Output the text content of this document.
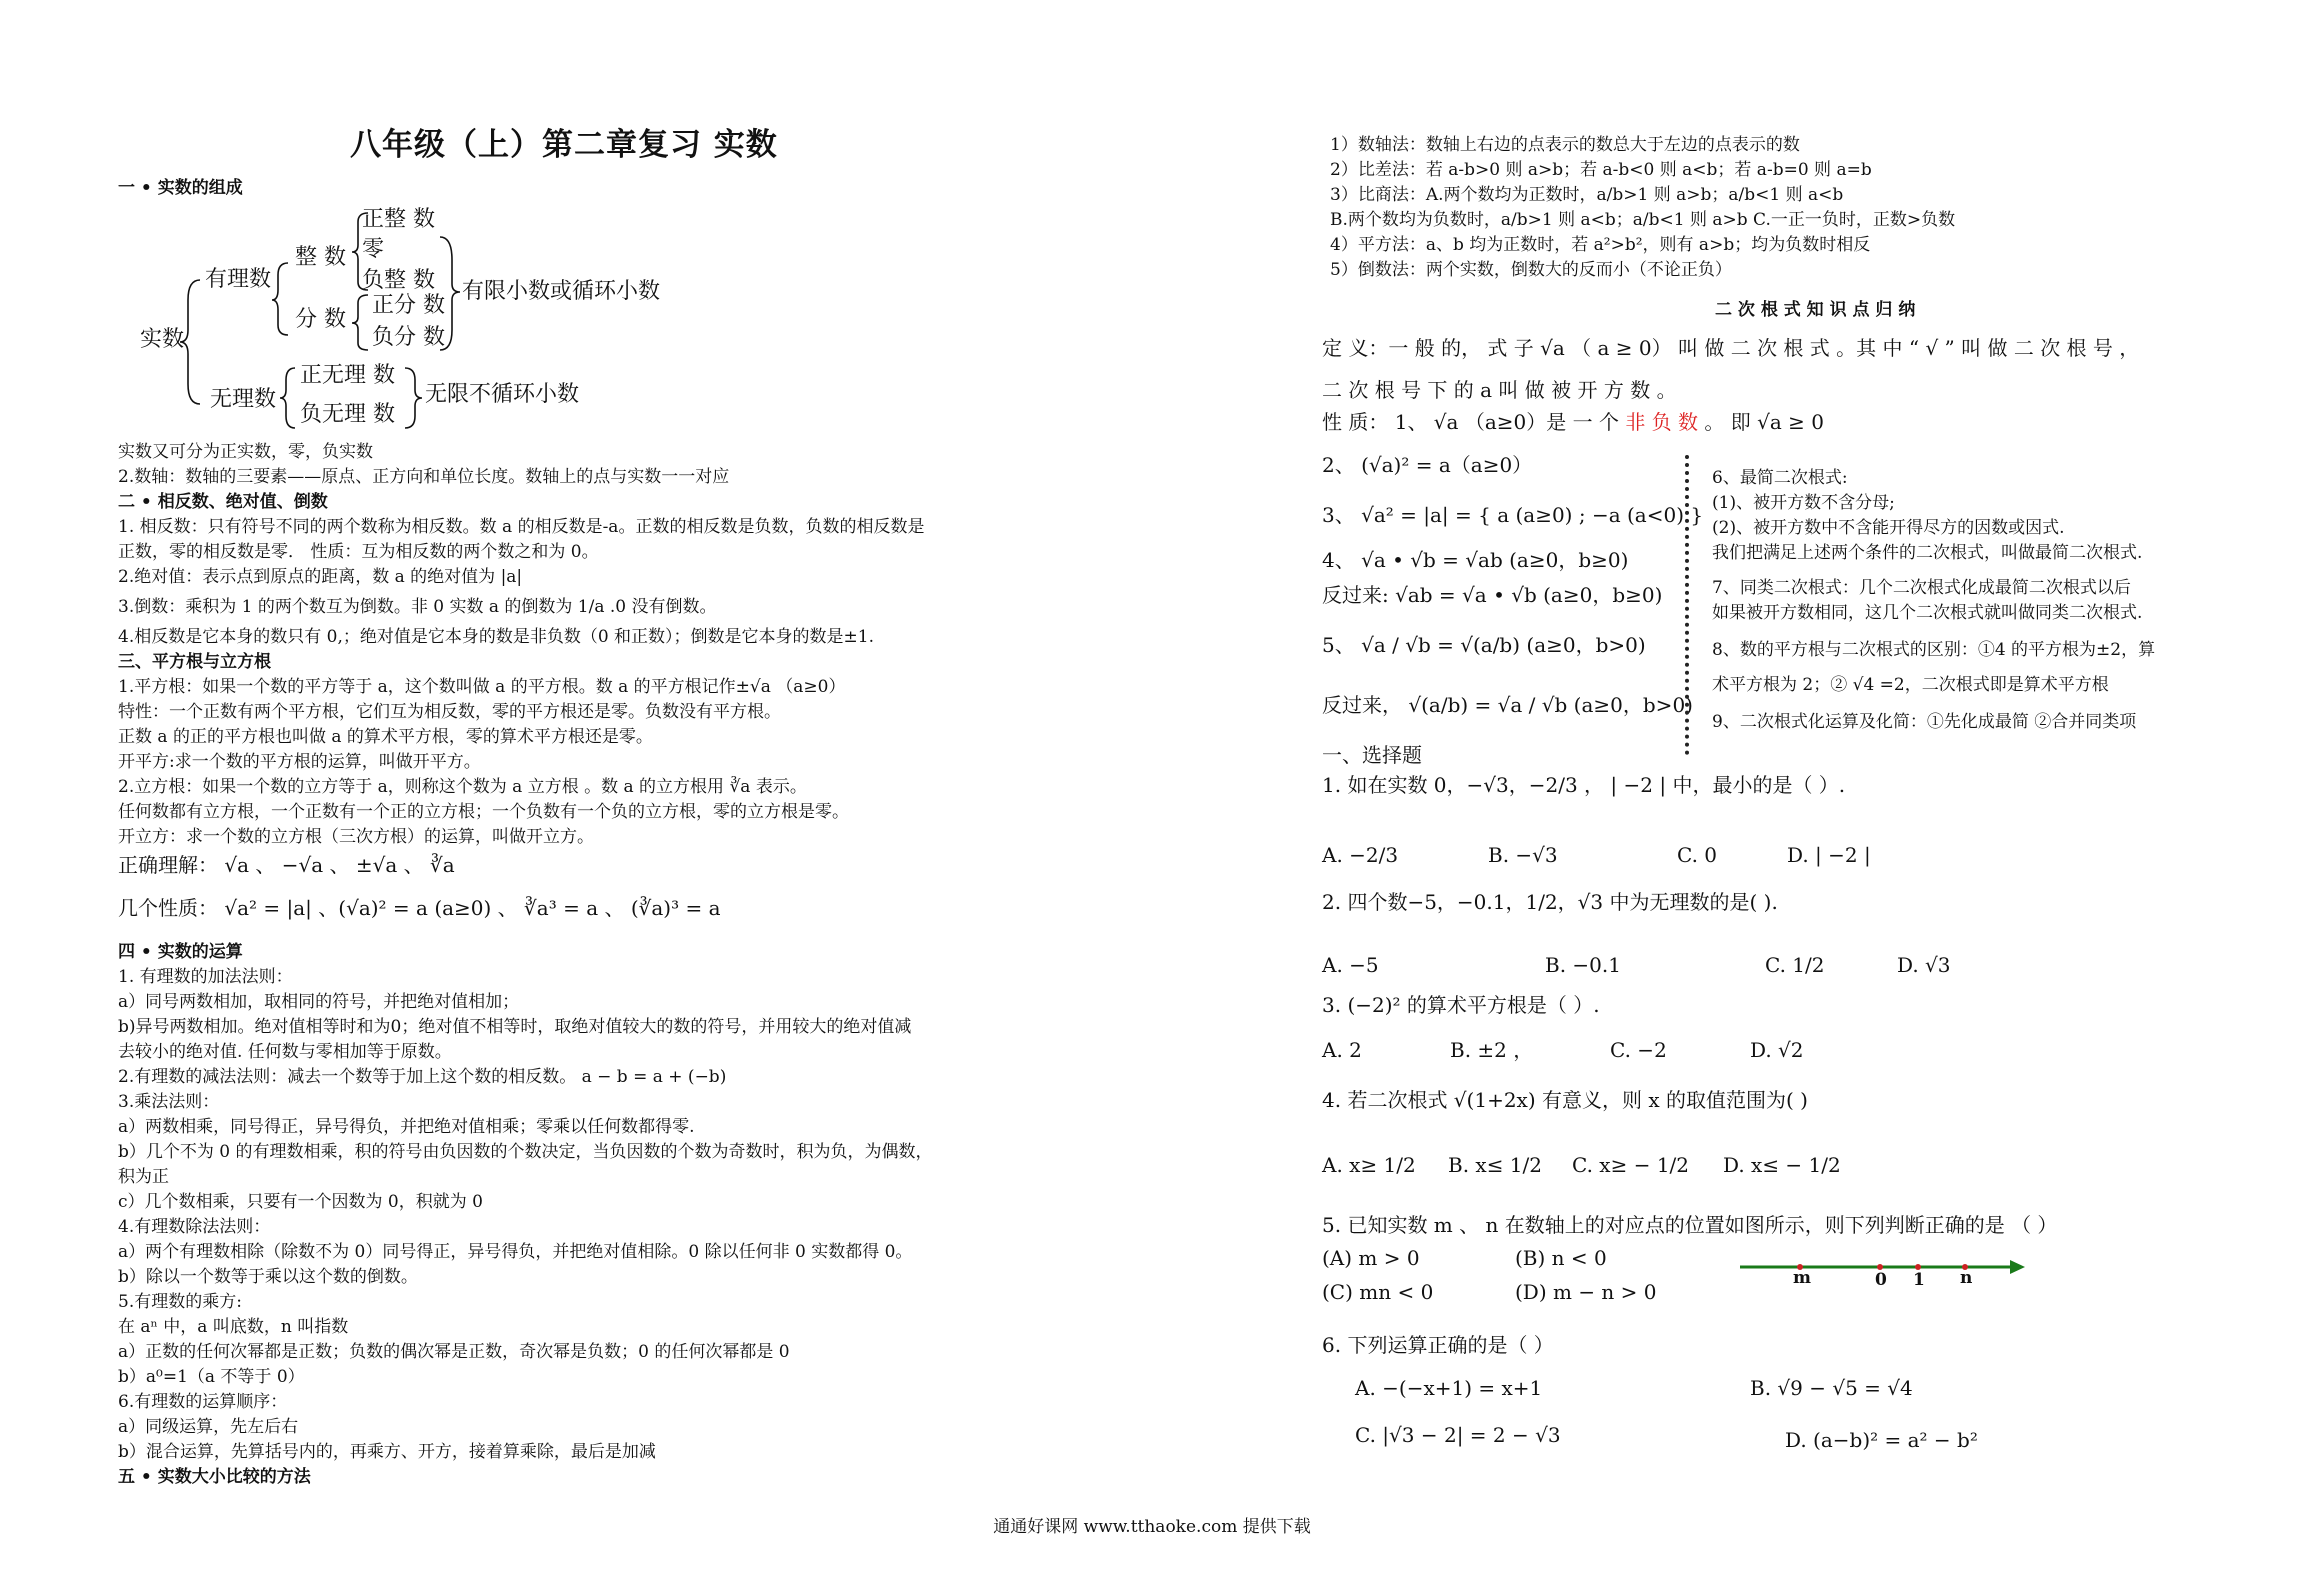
八年级（上）第二章复习 实数
一 • 实数的组成
实数
有理数
整 数
正整 数
零
负整 数
分 数
正分 数
负分 数
有限小数或循环小数
无理数
正无理 数
负无理 数
无限不循环小数
实数又可分为正实数，零，负实数
2.数轴：数轴的三要素——原点、正方向和单位长度。数轴上的点与实数一一对应
二 • 相反数、绝对值、倒数
1. 相反数：只有符号不同的两个数称为相反数。数 a 的相反数是-a。正数的相反数是负数，负数的相反数是
正数，零的相反数是零． 性质：互为相反数的两个数之和为 0。
2.绝对值：表示点到原点的距离，数 a 的绝对值为 |a|
3.倒数：乘积为 1 的两个数互为倒数。非 0 实数 a 的倒数为 1/a .0 没有倒数。
4.相反数是它本身的数只有 0,；绝对值是它本身的数是非负数（0 和正数）；倒数是它本身的数是±1.
三、平方根与立方根
1.平方根：如果一个数的平方等于 a，这个数叫做 a 的平方根。数 a 的平方根记作±√a （a≥0）
特性：一个正数有两个平方根，它们互为相反数，零的平方根还是零。负数没有平方根。
正数 a 的正的平方根也叫做 a 的算术平方根，零的算术平方根还是零。
开平方:求一个数的平方根的运算，叫做开平方。
2.立方根：如果一个数的立方等于 a，则称这个数为 a 立方根 。数 a 的立方根用 ∛a 表示。
任何数都有立方根，一个正数有一个正的立方根；一个负数有一个负的立方根，零的立方根是零。
开立方：求一个数的立方根（三次方根）的运算，叫做开立方。
正确理解： √a 、 −√a 、 ±√a 、 ∛a
几个性质： √a² = |a| 、(√a)² = a (a≥0) 、 ∛a³ = a 、 (∛a)³ = a
四 • 实数的运算
1. 有理数的加法法则：
a）同号两数相加，取相同的符号，并把绝对值相加；
b)异号两数相加。绝对值相等时和为0；绝对值不相等时，取绝对值较大的数的符号，并用较大的绝对值减
去较小的绝对值. 任何数与零相加等于原数。
2.有理数的减法法则：减去一个数等于加上这个数的相反数。 a − b = a + (−b)
3.乘法法则：
a）两数相乘，同号得正，异号得负，并把绝对值相乘；零乘以任何数都得零.
b）几个不为 0 的有理数相乘，积的符号由负因数的个数决定，当负因数的个数为奇数时，积为负，为偶数，
积为正
c）几个数相乘，只要有一个因数为 0，积就为 0
4.有理数除法法则：
a）两个有理数相除（除数不为 0）同号得正，异号得负，并把绝对值相除。0 除以任何非 0 实数都得 0。
b）除以一个数等于乘以这个数的倒数。
5.有理数的乘方:
在 aⁿ 中，a 叫底数，n 叫指数
a）正数的任何次幂都是正数；负数的偶次幂是正数，奇次幂是负数；0 的任何次幂都是 0
b）a⁰=1（a 不等于 0）
6.有理数的运算顺序：
a）同级运算，先左后右
b）混合运算，先算括号内的，再乘方、开方，接着算乘除，最后是加减
五 • 实数大小比较的方法
1）数轴法：数轴上右边的点表示的数总大于左边的点表示的数
2）比差法：若 a-b>0 则 a>b；若 a-b<0 则 a<b；若 a-b=0 则 a=b
3）比商法：A.两个数均为正数时，a/b>1 则 a>b；a/b<1 则 a<b
B.两个数均为负数时，a/b>1 则 a<b；a/b<1 则 a>b C.一正一负时，正数>负数
4）平方法：a、b 均为正数时，若 a²>b²，则有 a>b；均为负数时相反
5）倒数法：两个实数，倒数大的反而小（不论正负）
二 次 根 式 知 识 点 归 纳
定 义：一 般 的， 式 子 √a （ a ≥ 0） 叫 做 二 次 根 式 。其 中 “ √ ” 叫 做 二 次 根 号 ，
二 次 根 号 下 的 a 叫 做 被 开 方 数 。
性 质： 1、 √a （a≥0）是 一 个 非 负 数 。 即 √a ≥ 0
2、 (√a)² = a（a≥0）
3、 √a² = |a| = { a (a≥0) ; −a (a<0) }
4、 √a • √b = √ab (a≥0，b≥0)
反过来: √ab = √a • √b (a≥0，b≥0)
5、 √a / √b = √(a/b) (a≥0，b>0)
反过来， √(a/b) = √a / √b (a≥0，b>0)
6、最简二次根式:
(1)、被开方数不含分母;
(2)、被开方数中不含能开得尽方的因数或因式.
我们把满足上述两个条件的二次根式，叫做最简二次根式.
7、同类二次根式：几个二次根式化成最简二次根式以后
如果被开方数相同，这几个二次根式就叫做同类二次根式.
8、数的平方根与二次根式的区别：①4 的平方根为±2，算
术平方根为 2；② √4 =2，二次根式即是算术平方根
9、二次根式化运算及化简：①先化成最简 ②合并同类项
一、选择题
1. 如在实数 0，−√3，−2/3 ， | −2 | 中，最小的是（ ）.
A. −2/3	B. −√3	C. 0	D. | −2 |
2. 四个数−5，−0.1，1/2，√3 中为无理数的是( ).
A. −5	B. −0.1	C. 1/2	D. √3
3. (−2)² 的算术平方根是（ ）.
A. 2	B. ±2 ，	C. −2	D. √2
4. 若二次根式 √(1+2x) 有意义，则 x 的取值范围为( )
A. x≥ 1/2 B. x≤ 1/2 C. x≥ − 1/2 D. x≤ − 1/2
5. 已知实数 m 、 n 在数轴上的对应点的位置如图所示，则下列判断正确的是 （ ）
(A) m > 0	(B) n < 0
(C) mn < 0	(D) m − n > 0
m	0 1 n
6. 下列运算正确的是（ ）
A. −(−x+1) = x+1	B. √9 − √5 = √4
C. |√3 − 2| = 2 − √3	D. (a−b)² = a² − b²
通通好课网 www.tthaoke.com 提供下载
